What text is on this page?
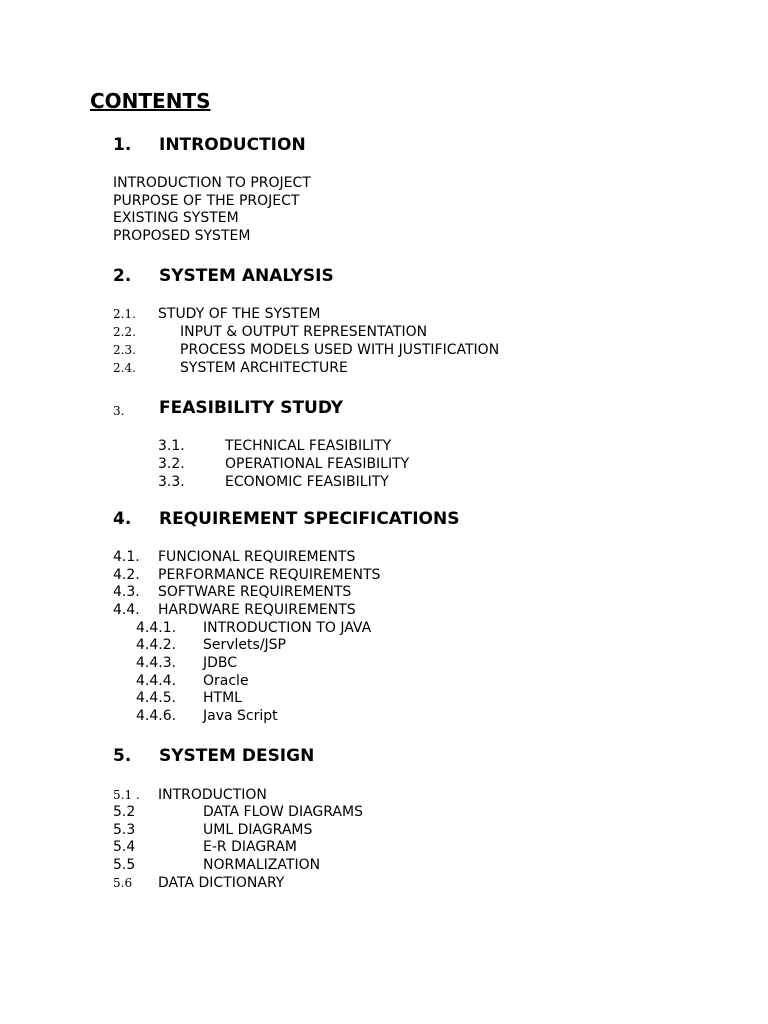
CONTENTS
1. INTRODUCTION
INTRODUCTION TO PROJECT
PURPOSE OF THE PROJECT
EXISTING SYSTEM
PROPOSED SYSTEM
2. SYSTEM ANALYSIS
2.1. STUDY OF THE SYSTEM
2.2.	INPUT & OUTPUT REPRESENTATION
2.3.	PROCESS MODELS USED WITH JUSTIFICATION
2.4.	SYSTEM ARCHITECTURE
3. FEASIBILITY STUDY
3.1.	TECHNICAL FEASIBILITY
3.2.	OPERATIONAL FEASIBILITY
3.3.	ECONOMIC FEASIBILITY
4. REQUIREMENT SPECIFICATIONS
4.1. FUNCIONAL REQUIREMENTS
4.2. PERFORMANCE REQUIREMENTS
4.3. SOFTWARE REQUIREMENTS
4.4. HARDWARE REQUIREMENTS
4.4.1. INTRODUCTION TO JAVA
4.4.2. Servlets/JSP
4.4.3. JDBC
4.4.4. Oracle
4.4.5. HTML
4.4.6. Java Script
5. SYSTEM DESIGN
5.1 . INTRODUCTION
5.2	DATA FLOW DIAGRAMS
5.3	UML DIAGRAMS
5.4	E-R DIAGRAM
5.5	NORMALIZATION
5.6 DATA DICTIONARY
